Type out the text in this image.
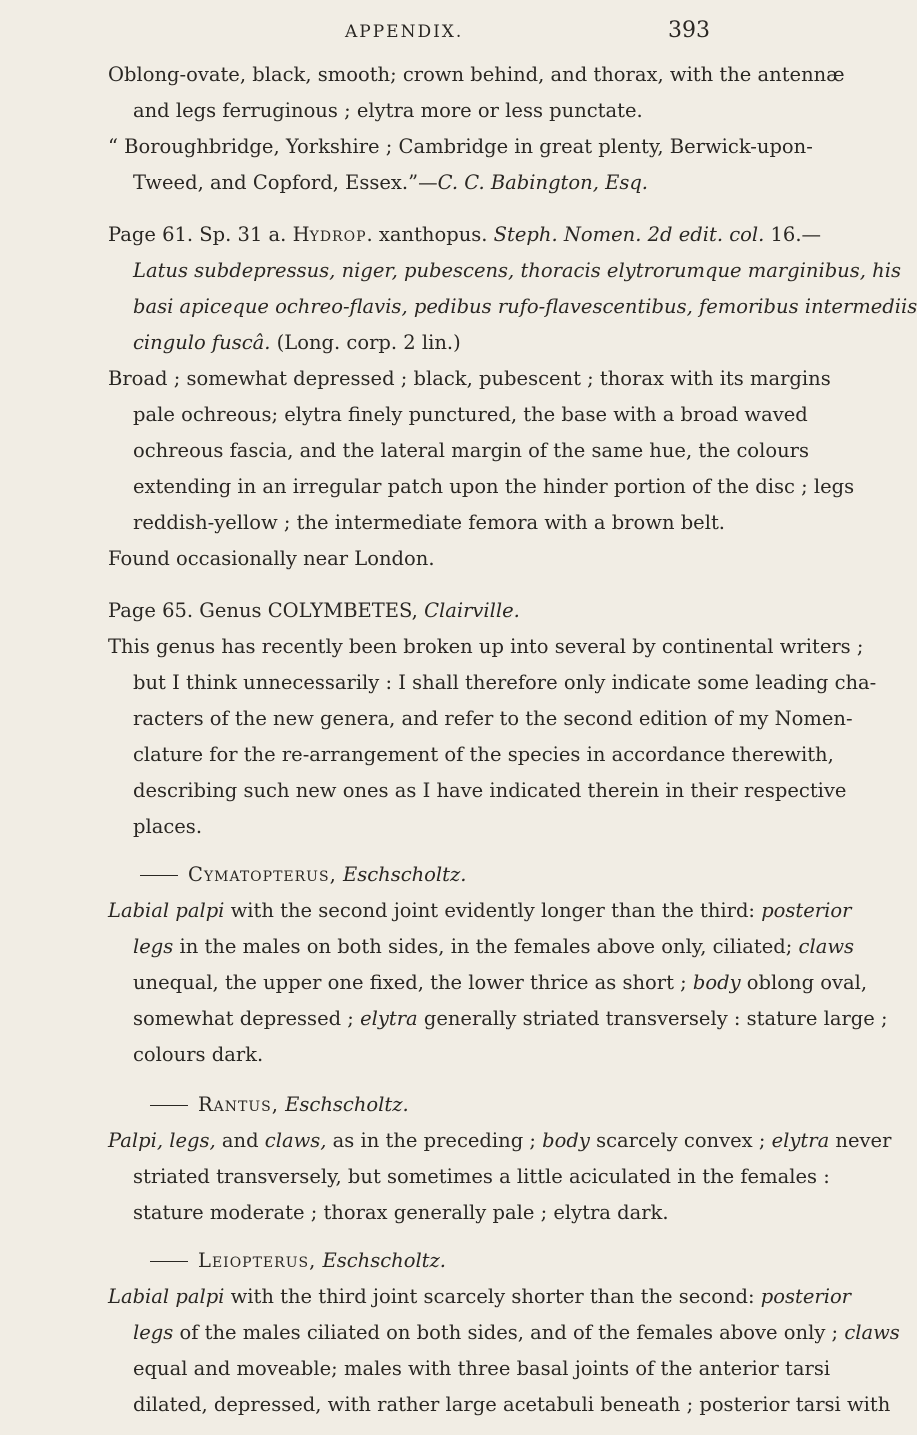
APPENDIX.	393
Oblong-ovate, black, smooth; crown behind, and thorax, with the antennæ
and legs ferruginous ; elytra more or less punctate.
“ Boroughbridge, Yorkshire ; Cambridge in great plenty, Berwick-upon-
Tweed, and Copford, Essex.”—C. C. Babington, Esq.
Page 61. Sp. 31 a. Hydrop. xanthopus. Steph. Nomen. 2d edit. col. 16.—
Latus subdepressus, niger, pubescens, thoracis elytrorumque marginibus, his
basi apiceque ochreo-flavis, pedibus rufo-flavescentibus, femoribus intermediis
cingulo fuscâ. (Long. corp. 2 lin.)
Broad ; somewhat depressed ; black, pubescent ; thorax with its margins
pale ochreous; elytra finely punctured, the base with a broad waved
ochreous fascia, and the lateral margin of the same hue, the colours
extending in an irregular patch upon the hinder portion of the disc ; legs
reddish-yellow ; the intermediate femora with a brown belt.
Found occasionally near London.
Page 65. Genus COLYMBETES, Clairville.
This genus has recently been broken up into several by continental writers ;
but I think unnecessarily : I shall therefore only indicate some leading cha-
racters of the new genera, and refer to the second edition of my Nomen-
clature for the re-arrangement of the species in accordance therewith,
describing such new ones as I have indicated therein in their respective
places.
Cymatopterus, Eschscholtz.
Labial palpi with the second joint evidently longer than the third: posterior
legs in the males on both sides, in the females above only, ciliated; claws
unequal, the upper one fixed, the lower thrice as short ; body oblong oval,
somewhat depressed ; elytra generally striated transversely : stature large ;
colours dark.
Rantus, Eschscholtz.
Palpi, legs, and claws, as in the preceding ; body scarcely convex ; elytra never
striated transversely, but sometimes a little aciculated in the females :
stature moderate ; thorax generally pale ; elytra dark.
Leiopterus, Eschscholtz.
Labial palpi with the third joint scarcely shorter than the second: posterior
legs of the males ciliated on both sides, and of the females above only ; claws
equal and moveable; males with three basal joints of the anterior tarsi
dilated, depressed, with rather large acetabuli beneath ; posterior tarsi with
